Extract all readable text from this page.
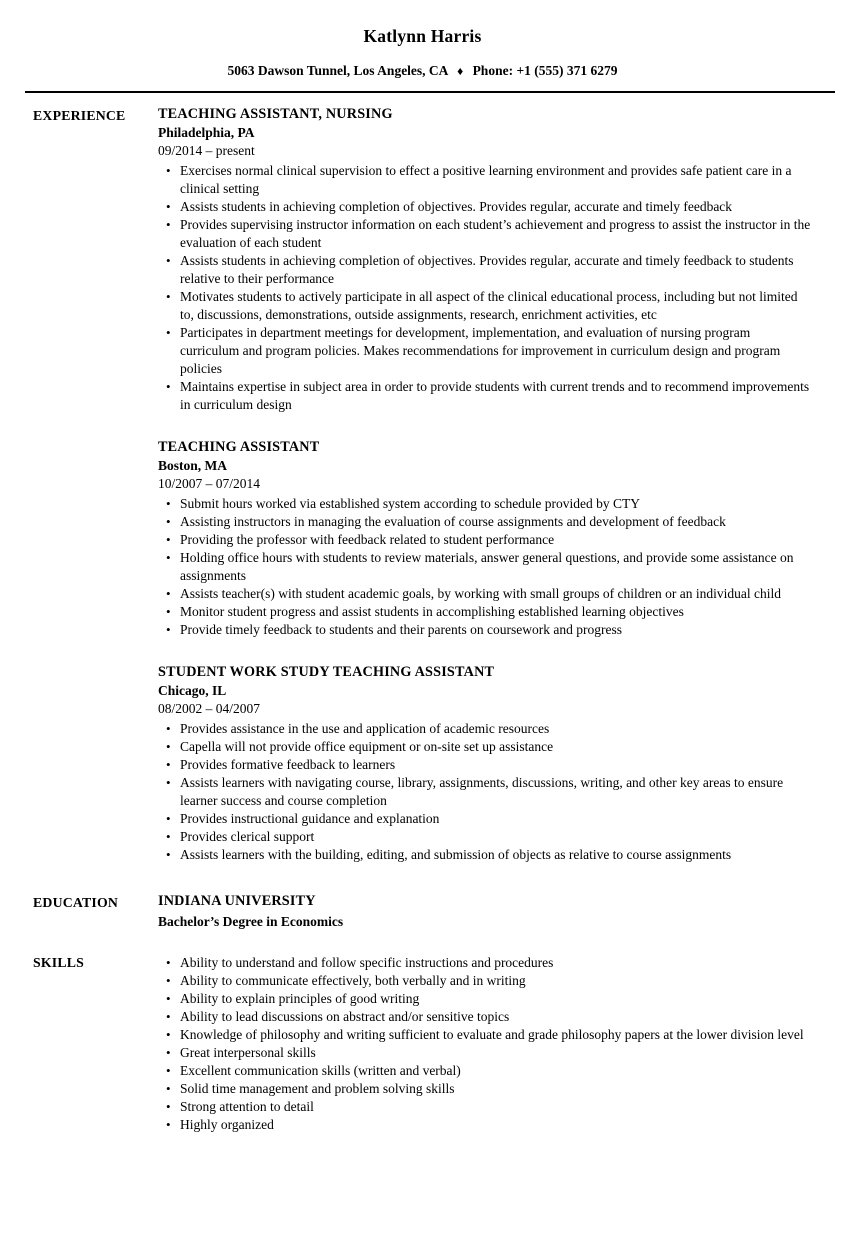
Katlynn Harris
5063 Dawson Tunnel, Los Angeles, CA ♦ Phone: +1 (555) 371 6279
EXPERIENCE	TEACHING ASSISTANT, NURSING
Philadelphia, PA
09/2014 – present
• Exercises normal clinical supervision to effect a positive learning environment and provides safe patient care in a clinical setting
• Assists students in achieving completion of objectives. Provides regular, accurate and timely feedback
• Provides supervising instructor information on each student’s achievement and progress to assist the instructor in the evaluation of each student
• Assists students in achieving completion of objectives. Provides regular, accurate and timely feedback to students relative to their performance
• Motivates students to actively participate in all aspect of the clinical educational process, including but not limited to, discussions, demonstrations, outside assignments, research, enrichment activities, etc
• Participates in department meetings for development, implementation, and evaluation of nursing program curriculum and program policies. Makes recommendations for improvement in curriculum design and program policies
• Maintains expertise in subject area in order to provide students with current trends and to recommend improvements in curriculum design
TEACHING ASSISTANT
Boston, MA
10/2007 – 07/2014
• Submit hours worked via established system according to schedule provided by CTY
• Assisting instructors in managing the evaluation of course assignments and development of feedback
• Providing the professor with feedback related to student performance
• Holding office hours with students to review materials, answer general questions, and provide some assistance on assignments
• Assists teacher(s) with student academic goals, by working with small groups of children or an individual child
• Monitor student progress and assist students in accomplishing established learning objectives
• Provide timely feedback to students and their parents on coursework and progress
STUDENT WORK STUDY TEACHING ASSISTANT
Chicago, IL
08/2002 – 04/2007
• Provides assistance in the use and application of academic resources
• Capella will not provide office equipment or on-site set up assistance
• Provides formative feedback to learners
• Assists learners with navigating course, library, assignments, discussions, writing, and other key areas to ensure learner success and course completion
• Provides instructional guidance and explanation
• Provides clerical support
• Assists learners with the building, editing, and submission of objects as relative to course assignments
EDUCATION	INDIANA UNIVERSITY
Bachelor’s Degree in Economics
SKILLS	• Ability to understand and follow specific instructions and procedures
• Ability to communicate effectively, both verbally and in writing
• Ability to explain principles of good writing
• Ability to lead discussions on abstract and/or sensitive topics
• Knowledge of philosophy and writing sufficient to evaluate and grade philosophy papers at the lower division level
• Great interpersonal skills
• Excellent communication skills (written and verbal)
• Solid time management and problem solving skills
• Strong attention to detail
• Highly organized
